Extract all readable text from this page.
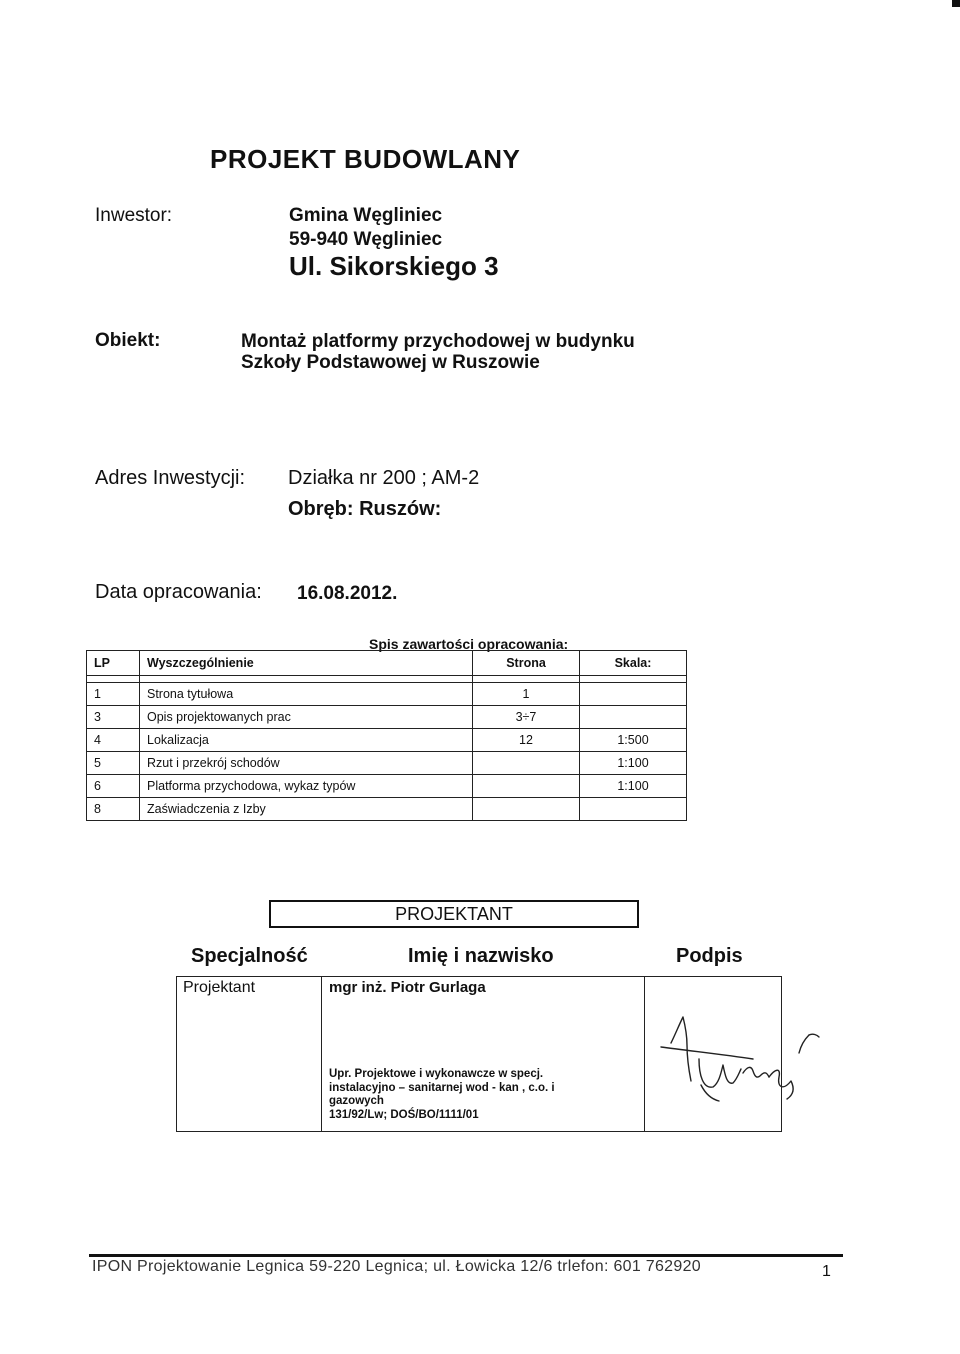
PROJEKT BUDOWLANY
Inwestor:	Gmina Węgliniec
59-940 Węgliniec
Ul. Sikorskiego 3
Obiekt:	Montaż platformy przychodowej w budynku
Szkoły Podstawowej w Ruszowie
Adres Inwestycji: Działka nr 200 ; AM-2
Obręb: Ruszów:
Data opracowania: 16.08.2012.
Spis zawartości opracowania:
LP	Wyszczególnienie	Strona	Skala:

1	Strona tytułowa	1	
3	Opis projektowanych prac	3÷7	
4	Lokalizacja	12	1:500
5	Rzut i przekrój schodów		1:100
6	Platforma przychodowa, wykaz typów		1:100
8	Zaświadczenia z Izby		
PROJEKTANT
Specjalność	Imię i nazwisko	Podpis
Projektant	mgr inż. Piotr Gurlaga
Upr. Projektowe i wykonawcze w specj.
instalacyjno – sanitarnej wod - kan , c.o. i
gazowych
131/92/Lw; DOŚ/BO/1111/01

IPON Projektowanie Legnica 59-220 Legnica; ul. Łowicka 12/6 trlefon: 601 762920	1
